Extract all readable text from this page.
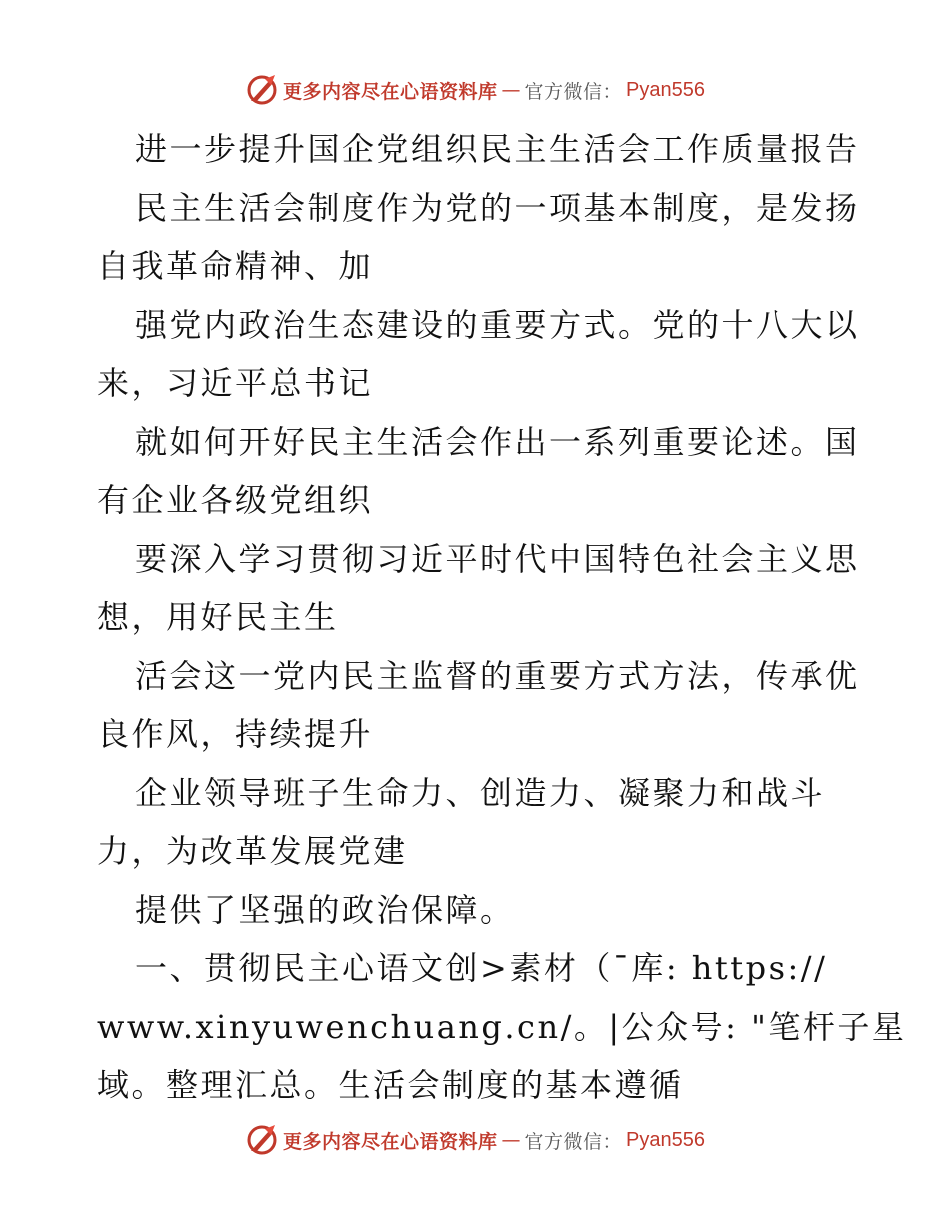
更多内容尽在心语资料库 — 官方微信： Pyan556
进一步提升国企党组织民主生活会工作质量报告
民主生活会制度作为党的一项基本制度，是发扬
自我革命精神、加
强党内政治生态建设的重要方式。党的十八大以
来，习近平总书记
就如何开好民主生活会作出一系列重要论述。国
有企业各级党组织
要深入学习贯彻习近平时代中国特色社会主义思
想，用好民主生
活会这一党内民主监督的重要方式方法，传承优
良作风，持续提升
企业领导班子生命力、创造力、凝聚力和战斗
力，为改革发展党建
提供了坚强的政治保障。
一、贯彻民主心语文创>素材（¯库: https://
www.xinyuwenchuang.cn/。|公众号: "笔杆子星
域。整理汇总。生活会制度的基本遵循
更多内容尽在心语资料库 — 官方微信： Pyan556
